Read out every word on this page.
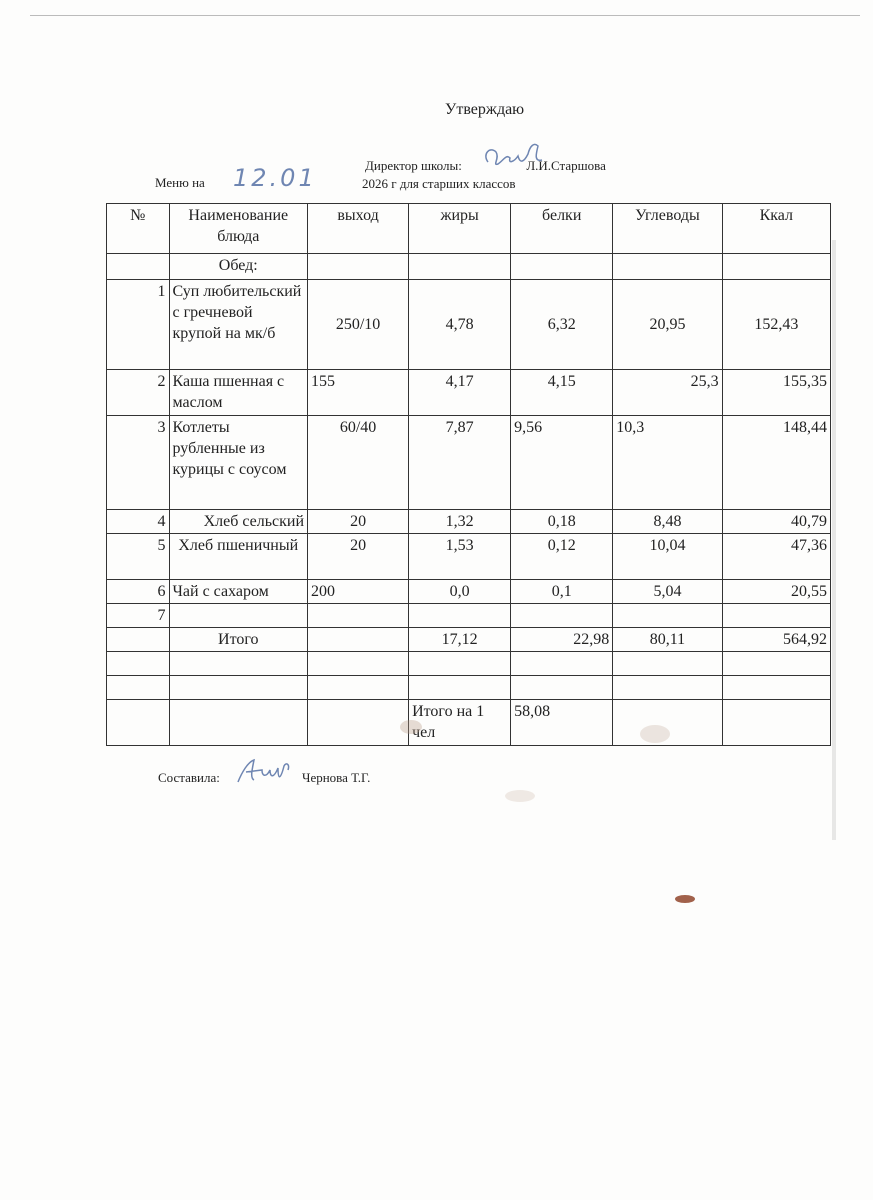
Утверждаю
Директор школы:	Л.И.Старшова
Меню на 12.01	2026 г для старших классов
№	Наименование блюда	выход	жиры	белки	Углеводы	Ккал
	Обед:					
1	Суп любительский с гречневой крупой на мк/б	250/10	4,78	6,32	20,95	152,43
2	Каша пшенная с маслом	155	4,17	4,15	25,3	155,35
3	Котлеты рубленные из курицы с соусом	60/40	7,87	9,56	10,3	148,44
4	Хлеб сельский	20	1,32	0,18	8,48	40,79
5	Хлеб пшеничный	20	1,53	0,12	10,04	47,36
6	Чай с сахаром	200	0,0	0,1	5,04	20,55
7						
	Итого		17,12	22,98	80,11	564,92

			Итого на 1 чел	58,08		
Составила:	Чернова Т.Г.
